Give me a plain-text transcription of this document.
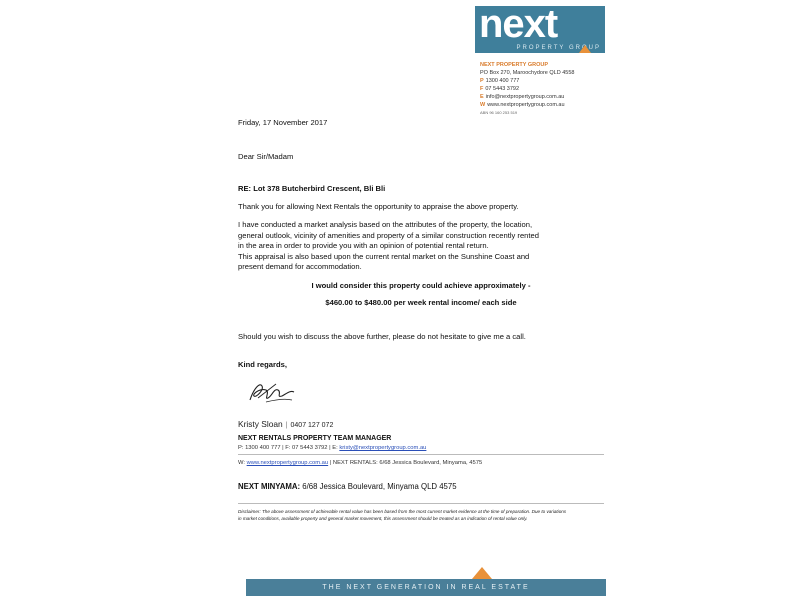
next
PROPERTY GROUP
NEXT PROPERTY GROUP
PO Box 270, Maroochydore QLD 4558
P 1300 400 777
F 07 5443 3792
E info@nextpropertygroup.com.au
W www.nextpropertygroup.com.au
ABN 96 160 253 519
Friday, 17 November 2017
Dear Sir/Madam
RE: Lot 378 Butcherbird Crescent, Bli Bli
Thank you for allowing Next Rentals the opportunity to appraise the above property.
I have conducted a market analysis based on the attributes of the property, the location,
general outlook, vicinity of amenities and property of a similar construction recently rented
in the area in order to provide you with an opinion of potential rental return.
This appraisal is also based upon the current rental market on the Sunshine Coast and
present demand for accommodation.
I would consider this property could achieve approximately -
$460.00 to $480.00 per week rental income/ each side
Should you wish to discuss the above further, please do not hesitate to give me a call.
Kind regards,
Kristy Sloan | 0407 127 072
NEXT RENTALS PROPERTY TEAM MANAGER
P: 1300 400 777 | F: 07 5443 3792 | E: kristy@nextpropertygroup.com.au
W: www.nextpropertygroup.com.au | NEXT RENTALS: 6/68 Jessica Boulevard, Minyama, 4575
NEXT MINYAMA: 6/68 Jessica Boulevard, Minyama QLD 4575
Disclaimer: The above assessment of achievable rental value has been based from the most current market evidence at the time of preparation. Due to variations in market conditions, available property and general market movement, this assessment should be treated as an indication of rental value only.
THE NEXT GENERATION IN REAL ESTATE
